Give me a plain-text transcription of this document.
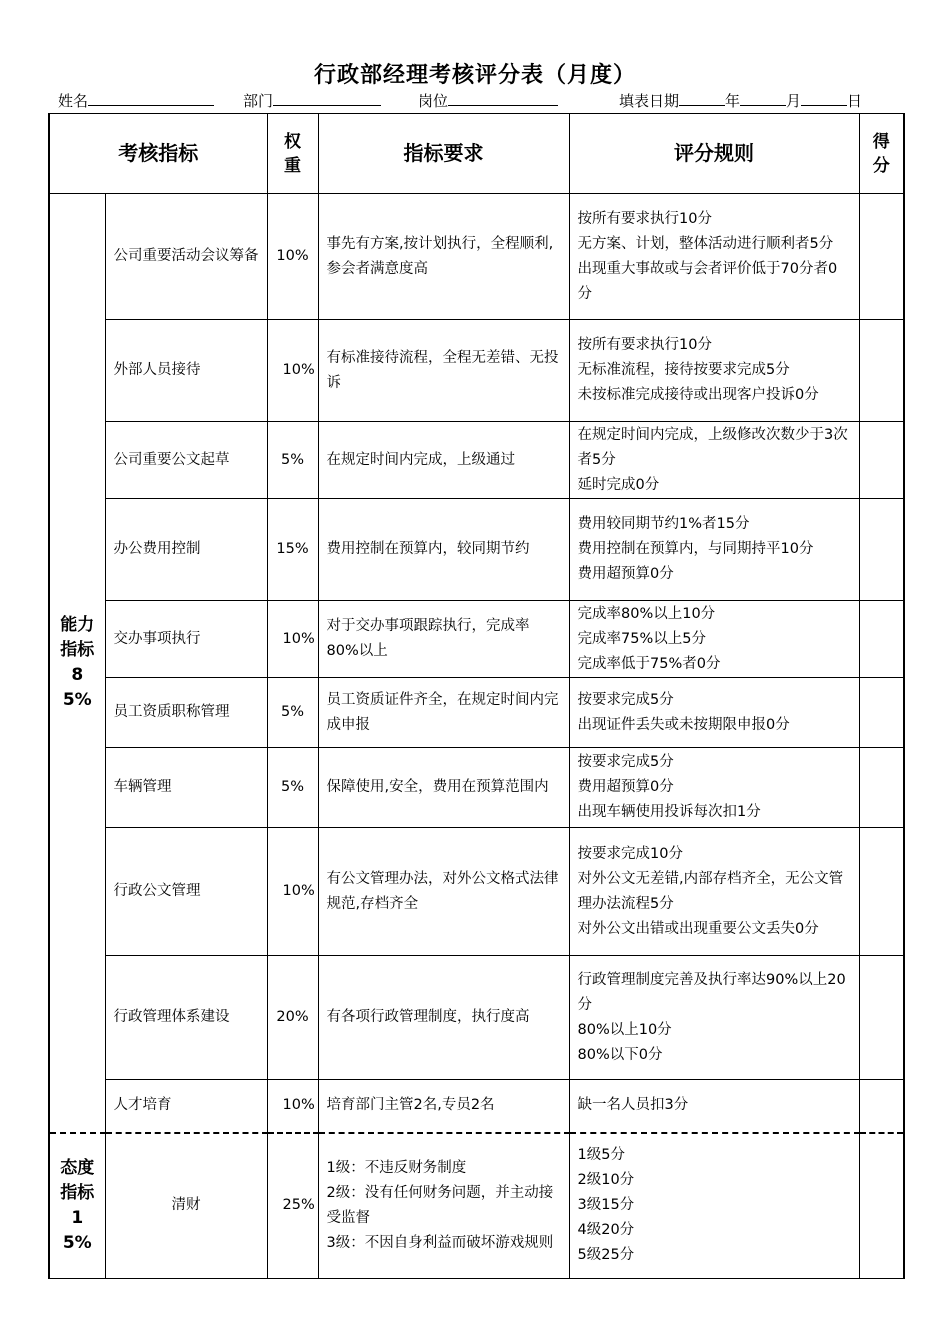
行政部经理考核评分表（月度）
姓名	部门	岗位	填表日期	年	月	日
考核指标		权重	指标要求	评分规则	得分
能力指标85%	公司重要活动会议筹备	10%	事先有方案,按计划执行，全程顺利,参会者满意度高	按所有要求执行10分
无方案、计划，整体活动进行顺利者5分
出现重大事故或与会者评价低于70分者0分	

	外部人员接待	10%	有标准接待流程，全程无差错、无投诉	按所有要求执行10分
无标准流程，接待按要求完成5分
未按标准完成接待或出现客户投诉0分	

	公司重要公文起草	5%	在规定时间内完成，上级通过	在规定时间内完成，上级修改次数少于3次者5分
延时完成0分	

	办公费用控制	15%	费用控制在预算内，较同期节约	费用较同期节约1%者15分
费用控制在预算内，与同期持平10分
费用超预算0分	

	交办事项执行	10%	对于交办事项跟踪执行，完成率80%以上	完成率80%以上10分
完成率75%以上5分
完成率低于75%者0分	

	员工资质职称管理	5%	员工资质证件齐全，在规定时间内完成申报	按要求完成5分
出现证件丢失或未按期限申报0分	

	车辆管理	5%	保障使用,安全，费用在预算范围内	按要求完成5分
费用超预算0分
出现车辆使用投诉每次扣1分	

	行政公文管理	10%	有公文管理办法，对外公文格式法律规范,存档齐全	按要求完成10分
对外公文无差错,内部存档齐全，无公文管理办法流程5分
对外公文出错或出现重要公文丢失0分	

	行政管理体系建设	20%	有各项行政管理制度，执行度高	行政管理制度完善及执行率达90%以上20分
80%以上10分
80%以下0分	

	人才培育	10%	培育部门主管2名,专员2名	缺一名人员扣3分	

态度指标15%	清财	25%	1级：不违反财务制度
2级：没有任何财务问题，并主动接受监督
3级：不因自身利益而破坏游戏规则	1级5分
2级10分
3级15分
4级20分
5级25分	
